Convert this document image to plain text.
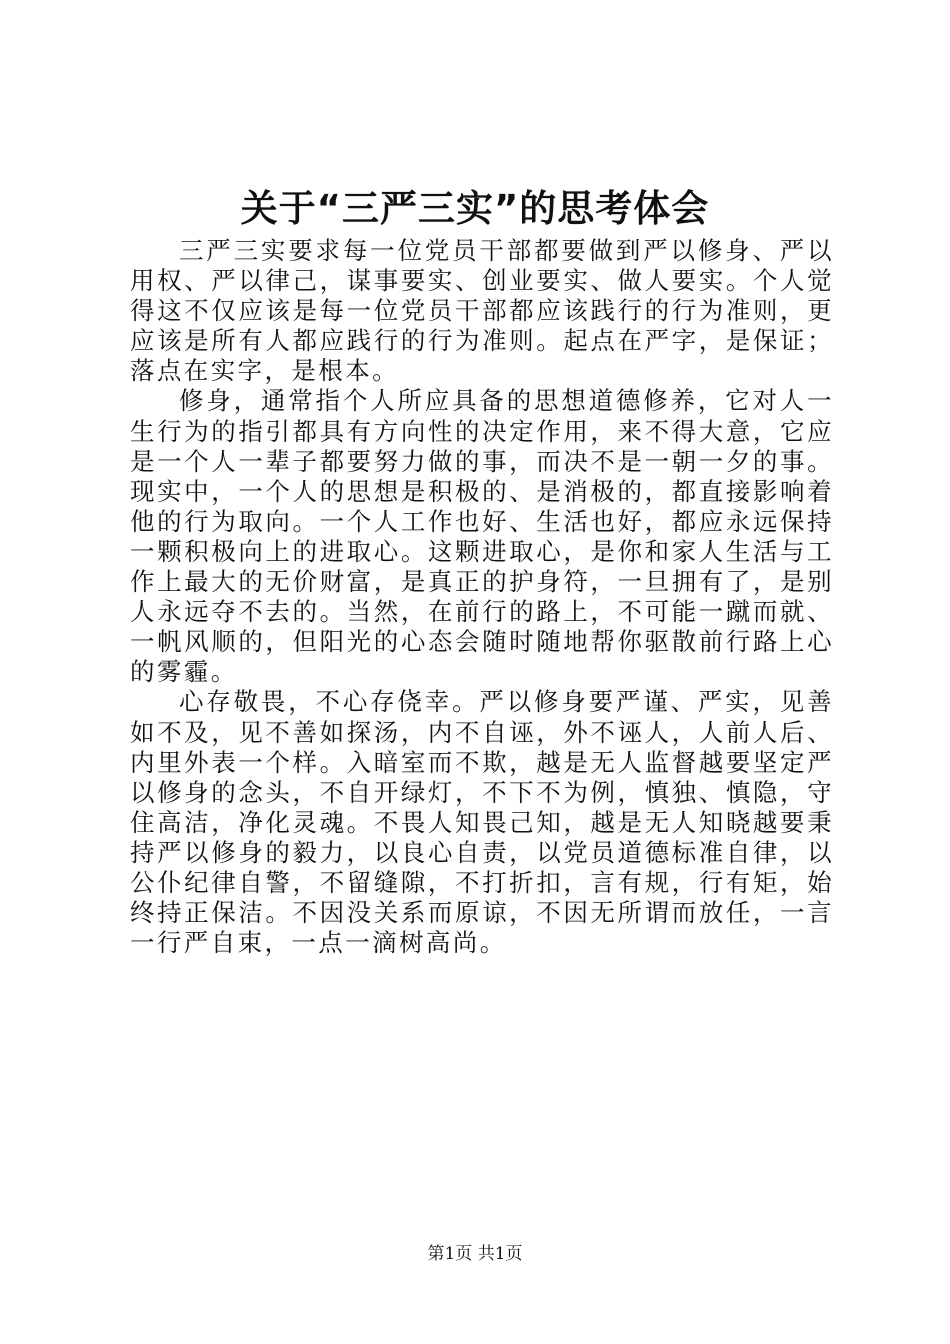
关于“三严三实”的思考体会

三严三实要求每一位党员干部都要做到严以修身、严以用权、严以律己，谋事要实、创业要实、做人要实。个人觉得这不仅应该是每一位党员干部都应该践行的行为准则，更应该是所有人都应践行的行为准则。起点在严字，是保证；落点在实字，是根本。

修身，通常指个人所应具备的思想道德修养，它对人一生行为的指引都具有方向性的决定作用，来不得大意，它应是一个人一辈子都要努力做的事，而决不是一朝一夕的事。现实中，一个人的思想是积极的、是消极的，都直接影响着他的行为取向。一个人工作也好、生活也好，都应永远保持一颗积极向上的进取心。这颗进取心，是你和家人生活与工作上最大的无价财富，是真正的护身符，一旦拥有了，是别人永远夺不去的。当然，在前行的路上，不可能一蹴而就、一帆风顺的，但阳光的心态会随时随地帮你驱散前行路上心的雾霾。

心存敬畏，不心存侥幸。严以修身要严谨、严实，见善如不及，见不善如探汤，内不自诬，外不诬人，人前人后、内里外表一个样。入暗室而不欺，越是无人监督越要坚定严以修身的念头，不自开绿灯，不下不为例，慎独、慎隐，守住高洁，净化灵魂。不畏人知畏己知，越是无人知晓越要秉持严以修身的毅力，以良心自责，以党员道德标准自律，以公仆纪律自警，不留缝隙，不打折扣，言有规，行有矩，始终持正保洁。不因没关系而原谅，不因无所谓而放任，一言一行严自束，一点一滴树高尚。

第1页 共1页
